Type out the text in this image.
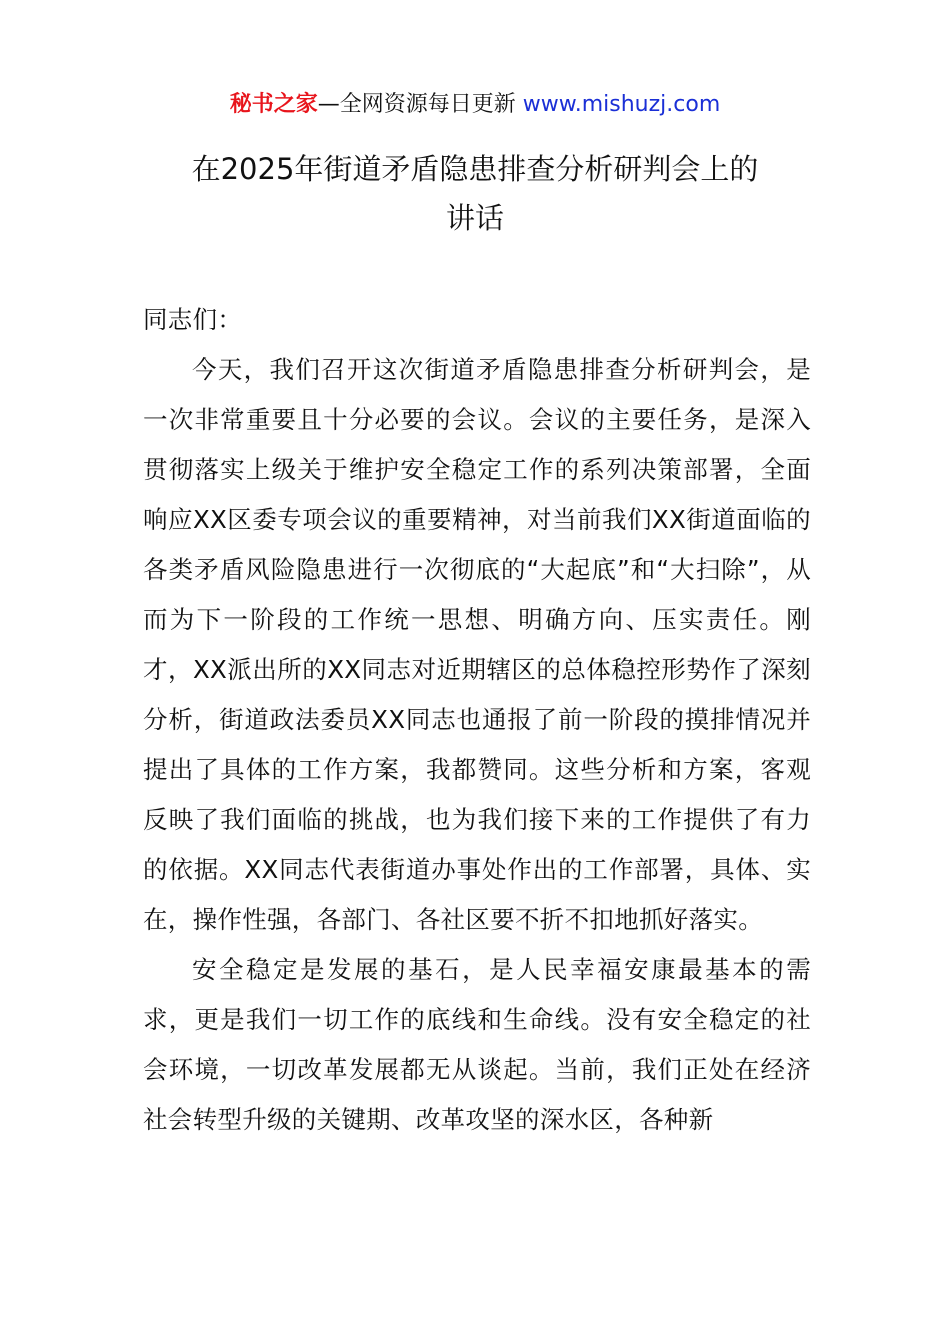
秘书之家—全网资源每日更新 www.mishuzj.com
在2025年街道矛盾隐患排查分析研判会上的
讲话

同志们：

今天，我们召开这次街道矛盾隐患排查分析研判会，是一次非常重要且十分必要的会议。会议的主要任务，是深入贯彻落实上级关于维护安全稳定工作的系列决策部署，全面响应XX区委专项会议的重要精神，对当前我们XX街道面临的各类矛盾风险隐患进行一次彻底的“大起底”和“大扫除”，从而为下一阶段的工作统一思想、明确方向、压实责任。刚才，XX派出所的XX同志对近期辖区的总体稳控形势作了深刻分析，街道政法委员XX同志也通报了前一阶段的摸排情况并提出了具体的工作方案，我都赞同。这些分析和方案，客观反映了我们面临的挑战，也为我们接下来的工作提供了有力的依据。XX同志代表街道办事处作出的工作部署，具体、实在，操作性强，各部门、各社区要不折不扣地抓好落实。

安全稳定是发展的基石，是人民幸福安康最基本的需求，更是我们一切工作的底线和生命线。没有安全稳定的社会环境，一切改革发展都无从谈起。当前，我们正处在经济社会转型升级的关键期、改革攻坚的深水区，各种新
